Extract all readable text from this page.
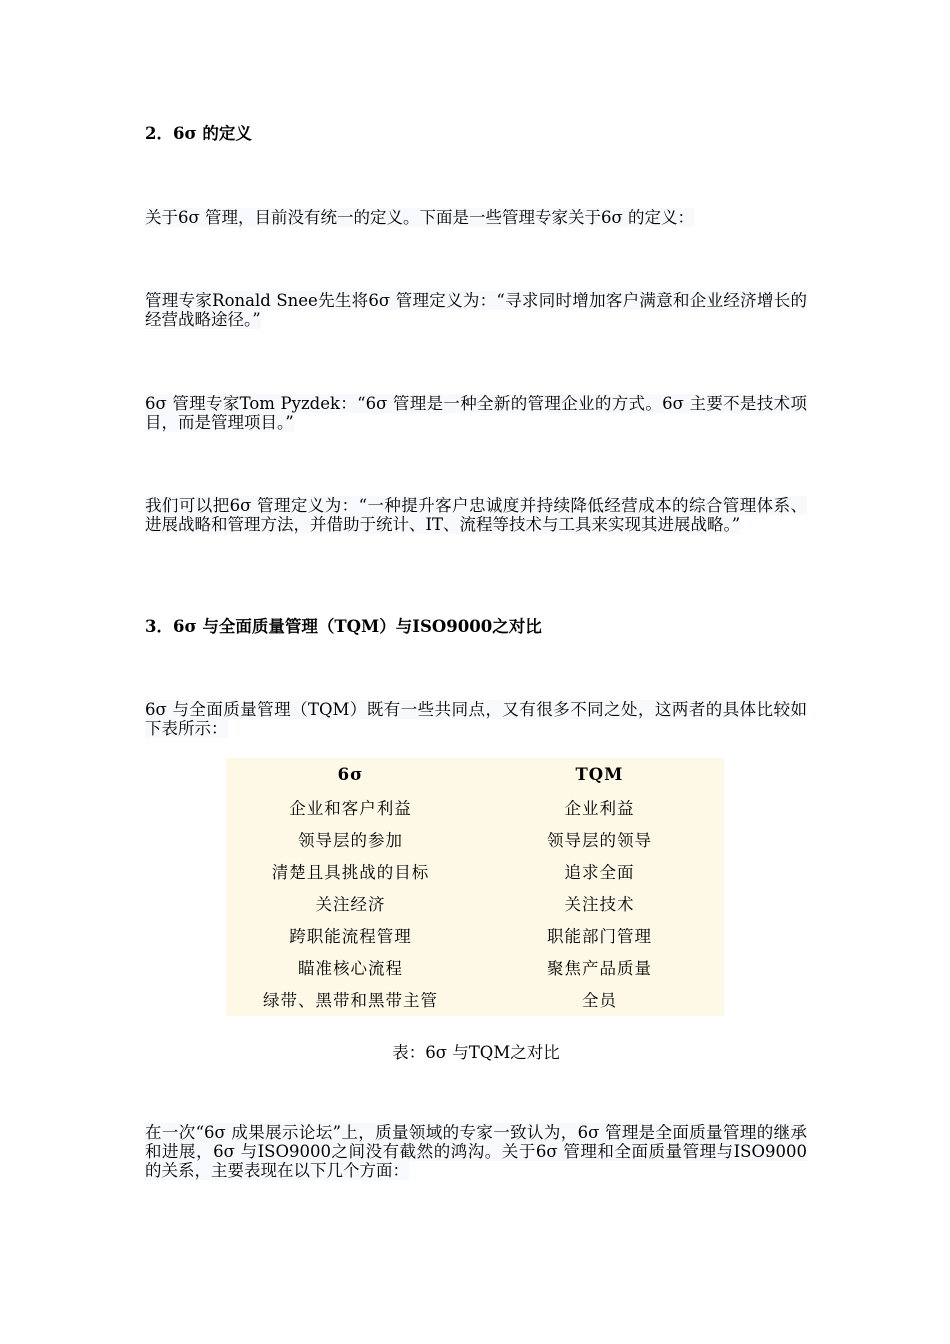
2．6σ 的定义
关于6σ 管理，目前没有统一的定义。下面是一些管理专家关于6σ 的定义：
管理专家Ronald Snee先生将6σ 管理定义为：“寻求同时增加客户满意和企业经济增长的经营战略途径。”
6σ 管理专家Tom Pyzdek：“6σ 管理是一种全新的管理企业的方式。6σ 主要不是技术项目，而是管理项目。”
我们可以把6σ 管理定义为：“一种提升客户忠诚度并持续降低经营成本的综合管理体系、进展战略和管理方法，并借助于统计、IT、流程等技术与工具来实现其进展战略。”
3．6σ 与全面质量管理（TQM）与ISO9000之对比
6σ 与全面质量管理（TQM）既有一些共同点，又有很多不同之处，这两者的具体比较如下表所示：
6σ	TQM
企业和客户利益	企业利益
领导层的参加	领导层的领导
清楚且具挑战的目标	追求全面
关注经济	关注技术
跨职能流程管理	职能部门管理
瞄准核心流程	聚焦产品质量
绿带、黑带和黑带主管	全员
表：6σ 与TQM之对比
在一次“6σ 成果展示论坛”上，质量领域的专家一致认为，6σ 管理是全面质量管理的继承和进展，6σ 与ISO9000之间没有截然的鸿沟。关于6σ 管理和全面质量管理与ISO9000的关系，主要表现在以下几个方面：
